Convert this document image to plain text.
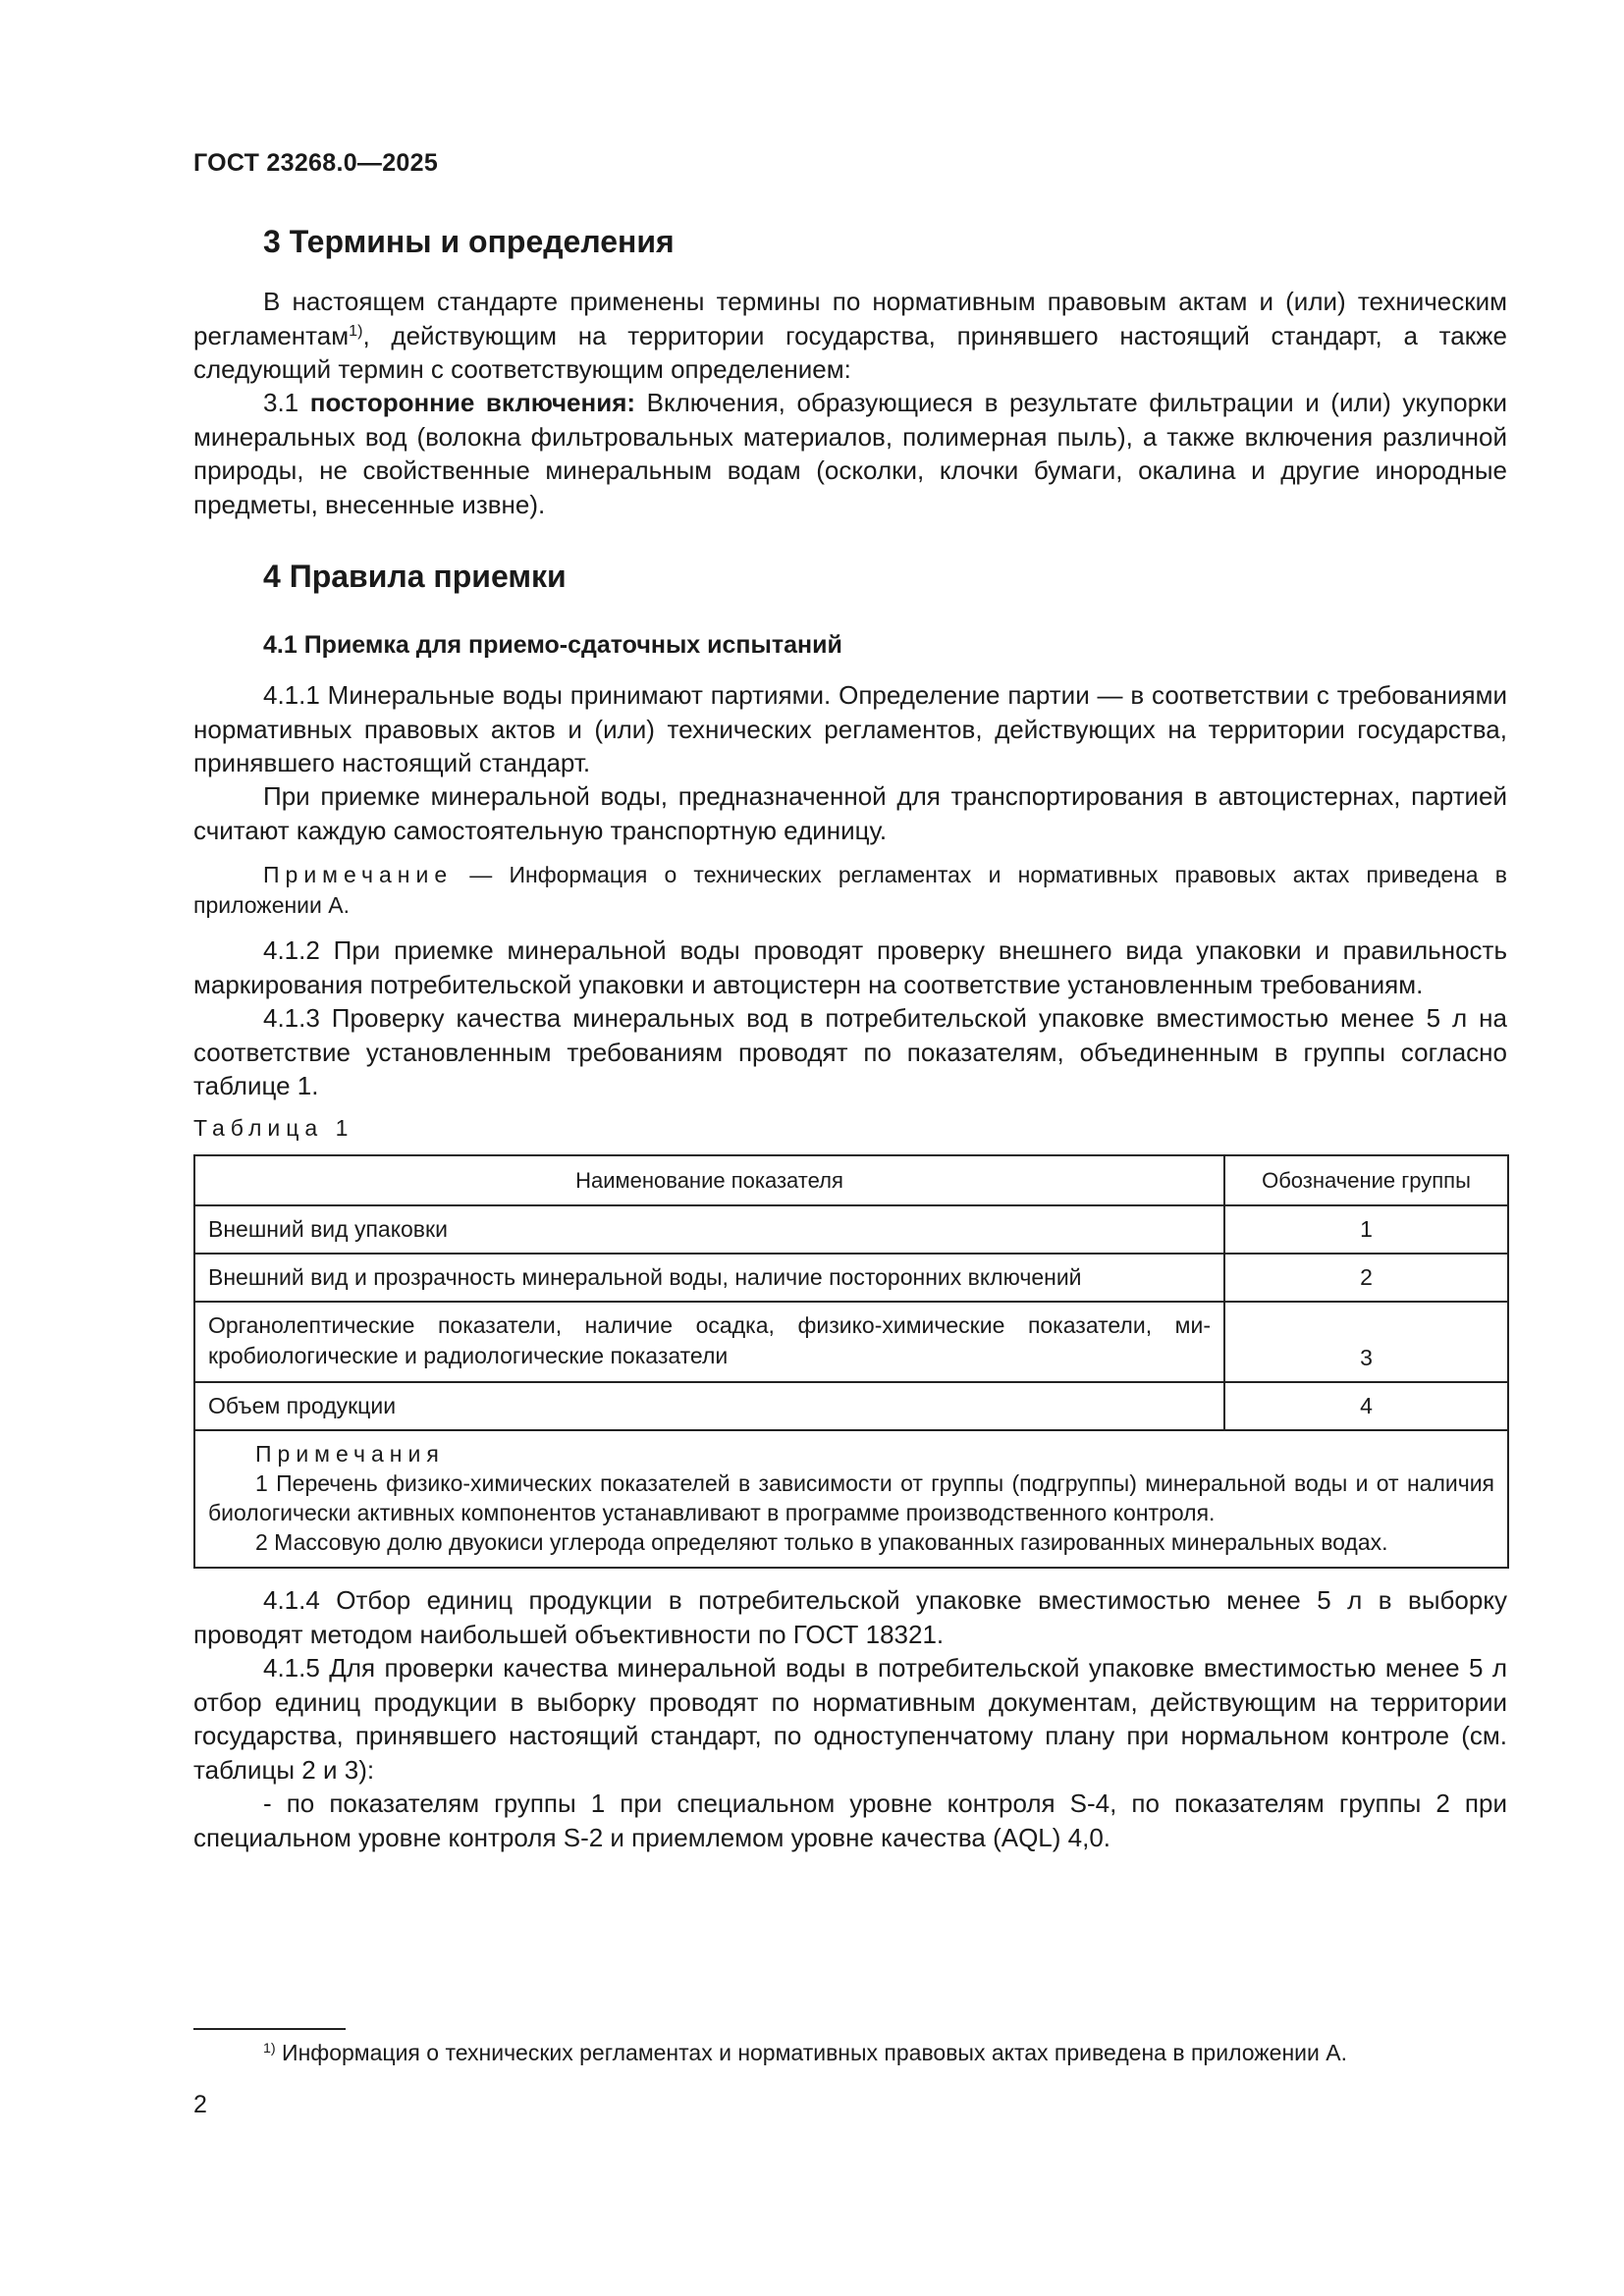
ГОСТ 23268.0—2025
3 Термины и определения
В настоящем стандарте применены термины по нормативным правовым актам и (или) техническим регламентам$^{1)}$, действующим на территории государства, принявшего настоящий стандарт, а также следующий термин с соответствующим определением:
3.1 посторонние включения: Включения, образующиеся в результате фильтрации и (или) укупорки минеральных вод (волокна фильтровальных материалов, полимерная пыль), а также включения различной природы, не свойственные минеральным водам (осколки, клочки бумаги, окалина и другие инородные предметы, внесенные извне).
4 Правила приемки
4.1 Приемка для приемо-сдаточных испытаний
4.1.1 Минеральные воды принимают партиями. Определение партии — в соответствии с требованиями нормативных правовых актов и (или) технических регламентов, действующих на территории государства, принявшего настоящий стандарт.
При приемке минеральной воды, предназначенной для транспортирования в автоцистернах, партией считают каждую самостоятельную транспортную единицу.
Примечание — Информация о технических регламентах и нормативных правовых актах приведена в приложении А.
4.1.2 При приемке минеральной воды проводят проверку внешнего вида упаковки и правильность маркирования потребительской упаковки и автоцистерн на соответствие установленным требованиям.
4.1.3 Проверку качества минеральных вод в потребительской упаковке вместимостью менее 5 л на соответствие установленным требованиям проводят по показателям, объединенным в группы согласно таблице 1.
Таблица 1
Наименование показателя	Обозначение группы
Внешний вид упаковки	1
Внешний вид и прозрачность минеральной воды, наличие посторонних включений	2
Органолептические показатели, наличие осадка, физико-химические показатели, микробиологические и радиологические показатели	3
Объем продукции	4

Примечания
1 Перечень физико-химических показателей в зависимости от группы (подгруппы) минеральной воды и от наличия биологически активных компонентов устанавливают в программе производственного контроля.
2 Массовую долю двуокиси углерода определяют только в упакованных газированных минеральных водах.	
4.1.4 Отбор единиц продукции в потребительской упаковке вместимостью менее 5 л в выборку проводят методом наибольшей объективности по ГОСТ 18321.
4.1.5 Для проверки качества минеральной воды в потребительской упаковке вместимостью менее 5 л отбор единиц продукции в выборку проводят по нормативным документам, действующим на территории государства, принявшего настоящий стандарт, по одноступенчатому плану при нормальном контроле (см. таблицы 2 и 3):
- по показателям группы 1 при специальном уровне контроля S-4, по показателям группы 2 при специальном уровне контроля S-2 и приемлемом уровне качества (AQL) 4,0.
$^{1)}$ Информация о технических регламентах и нормативных правовых актах приведена в приложении А.
2
